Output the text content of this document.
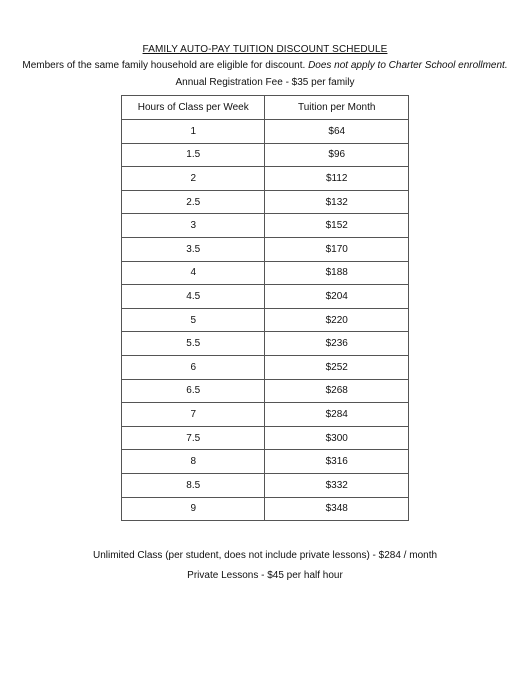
FAMILY AUTO-PAY TUITION DISCOUNT SCHEDULE
Members of the same family household are eligible for discount. Does not apply to Charter School enrollment.
Annual Registration Fee - $35 per family
Hours of Class per Week	Tuition per Month
1	$64
1.5	$96
2	$112
2.5	$132
3	$152
3.5	$170
4	$188
4.5	$204
5	$220
5.5	$236
6	$252
6.5	$268
7	$284
7.5	$300
8	$316
8.5	$332
9	$348
Unlimited Class (per student, does not include private lessons) - $284 / month
Private Lessons - $45 per half hour
